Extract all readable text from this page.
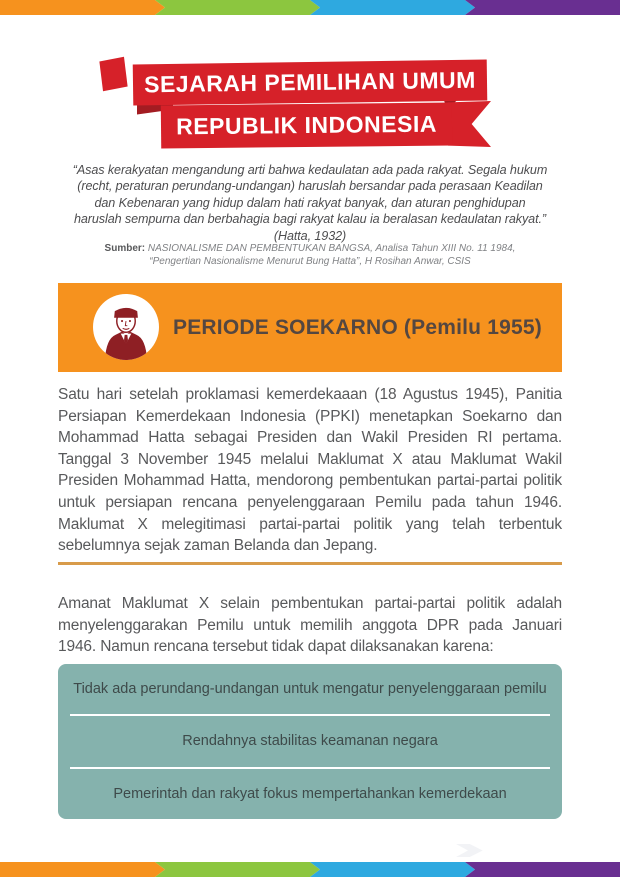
SEJARAH PEMILIHAN UMUM
REPUBLIK INDONESIA

“Asas kerakyatan mengandung arti bahwa kedaulatan ada pada rakyat. Segala hukum (recht, peraturan perundang-undangan) haruslah bersandar pada perasaan Keadilan dan Kebenaran yang hidup dalam hati rakyat banyak, dan aturan penghidupan haruslah sempurna dan berbahagia bagi rakyat kalau ia beralasan kedaulatan rakyat.” (Hatta, 1932)

Sumber: NASIONALISME DAN PEMBENTUKAN BANGSA, Analisa Tahun XIII No. 11 1984,
“Pengertian Nasionalisme Menurut Bung Hatta”, H Rosihan Anwar, CSIS

PERIODE SOEKARNO (Pemilu 1955)

Satu hari setelah proklamasi kemerdekaaan (18 Agustus 1945), Panitia Persiapan Kemerdekaan Indonesia (PPKI) menetapkan Soekarno dan Mohammad Hatta sebagai Presiden dan Wakil Presiden RI pertama. Tanggal 3 November 1945 melalui Maklumat X atau Maklumat Wakil Presiden Mohammad Hatta, mendorong pembentukan partai-partai politik untuk persiapan rencana penyelenggaraan Pemilu pada tahun 1946. Maklumat X melegitimasi partai-partai politik yang telah terbentuk sebelumnya sejak zaman Belanda dan Jepang.

Amanat Maklumat X selain pembentukan partai-partai politik adalah menyelenggarakan Pemilu untuk memilih anggota DPR pada Januari 1946. Namun rencana tersebut tidak dapat dilaksanakan karena:

Tidak ada perundang-undangan untuk mengatur penyelenggaraan pemilu
Rendahnya stabilitas keamanan negara
Pemerintah dan rakyat fokus mempertahankan kemerdekaan
